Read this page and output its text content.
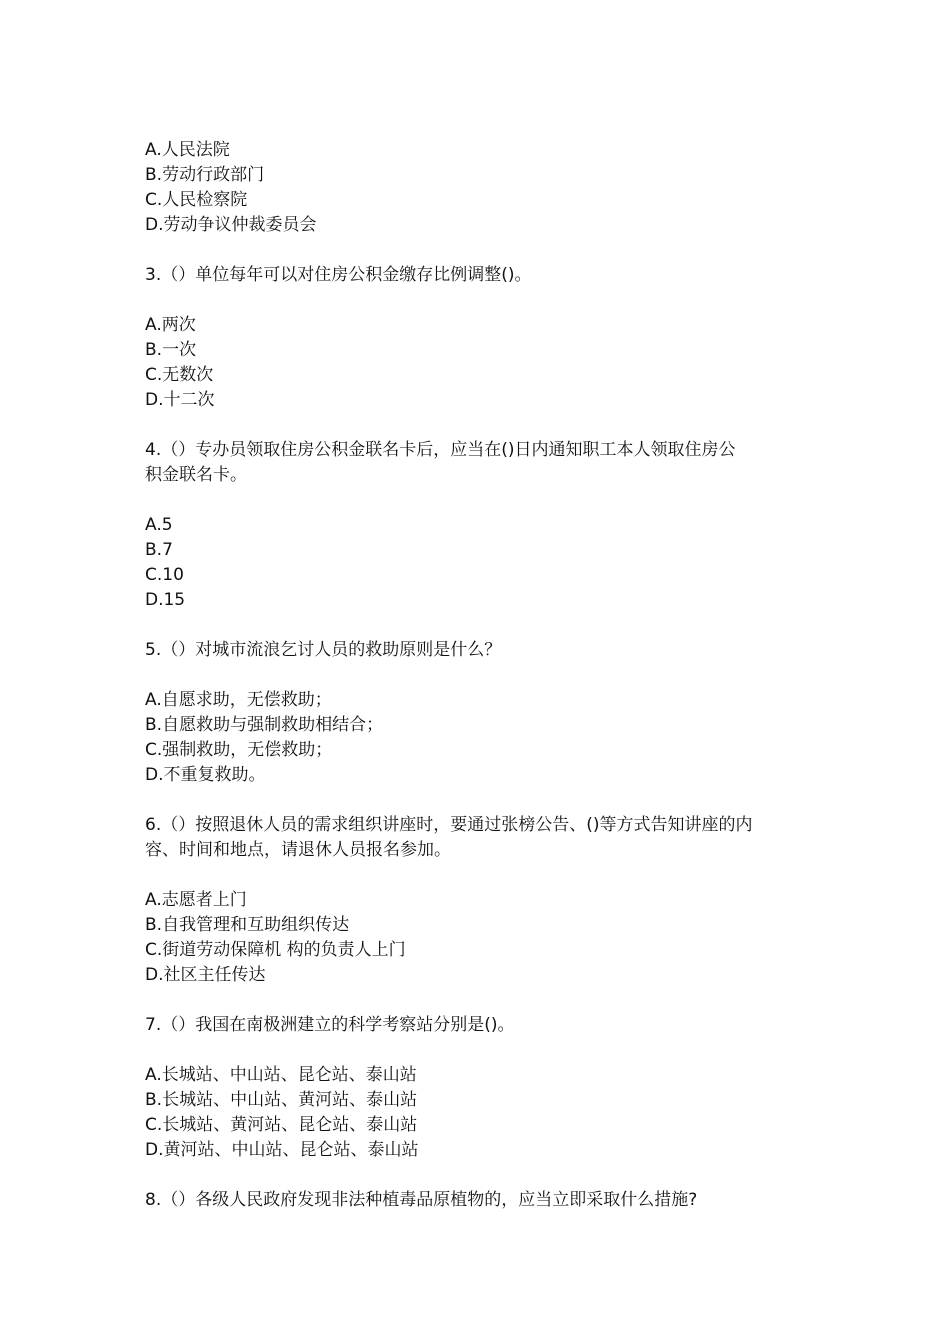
A.人民法院
B.劳动行政部门
C.人民检察院
D.劳动争议仲裁委员会
3.（）单位每年可以对住房公积金缴存比例调整()。
A.两次
B.一次
C.无数次
D.十二次
4.（）专办员领取住房公积金联名卡后，应当在()日内通知职工本人领取住房公
积金联名卡。
A.5
B.7
C.10
D.15
5.（）对城市流浪乞讨人员的救助原则是什么？
A.自愿求助，无偿救助；
B.自愿救助与强制救助相结合；
C.强制救助，无偿救助；
D.不重复救助。
6.（）按照退休人员的需求组织讲座时，要通过张榜公告、()等方式告知讲座的内
容、时间和地点，请退休人员报名参加。
A.志愿者上门
B.自我管理和互助组织传达
C.街道劳动保障机 构的负责人上门
D.社区主任传达
7.（）我国在南极洲建立的科学考察站分别是()。
A.长城站、中山站、昆仑站、泰山站
B.长城站、中山站、黄河站、泰山站
C.长城站、黄河站、昆仑站、泰山站
D.黄河站、中山站、昆仑站、泰山站
8.（）各级人民政府发现非法种植毒品原植物的，应当立即采取什么措施?
